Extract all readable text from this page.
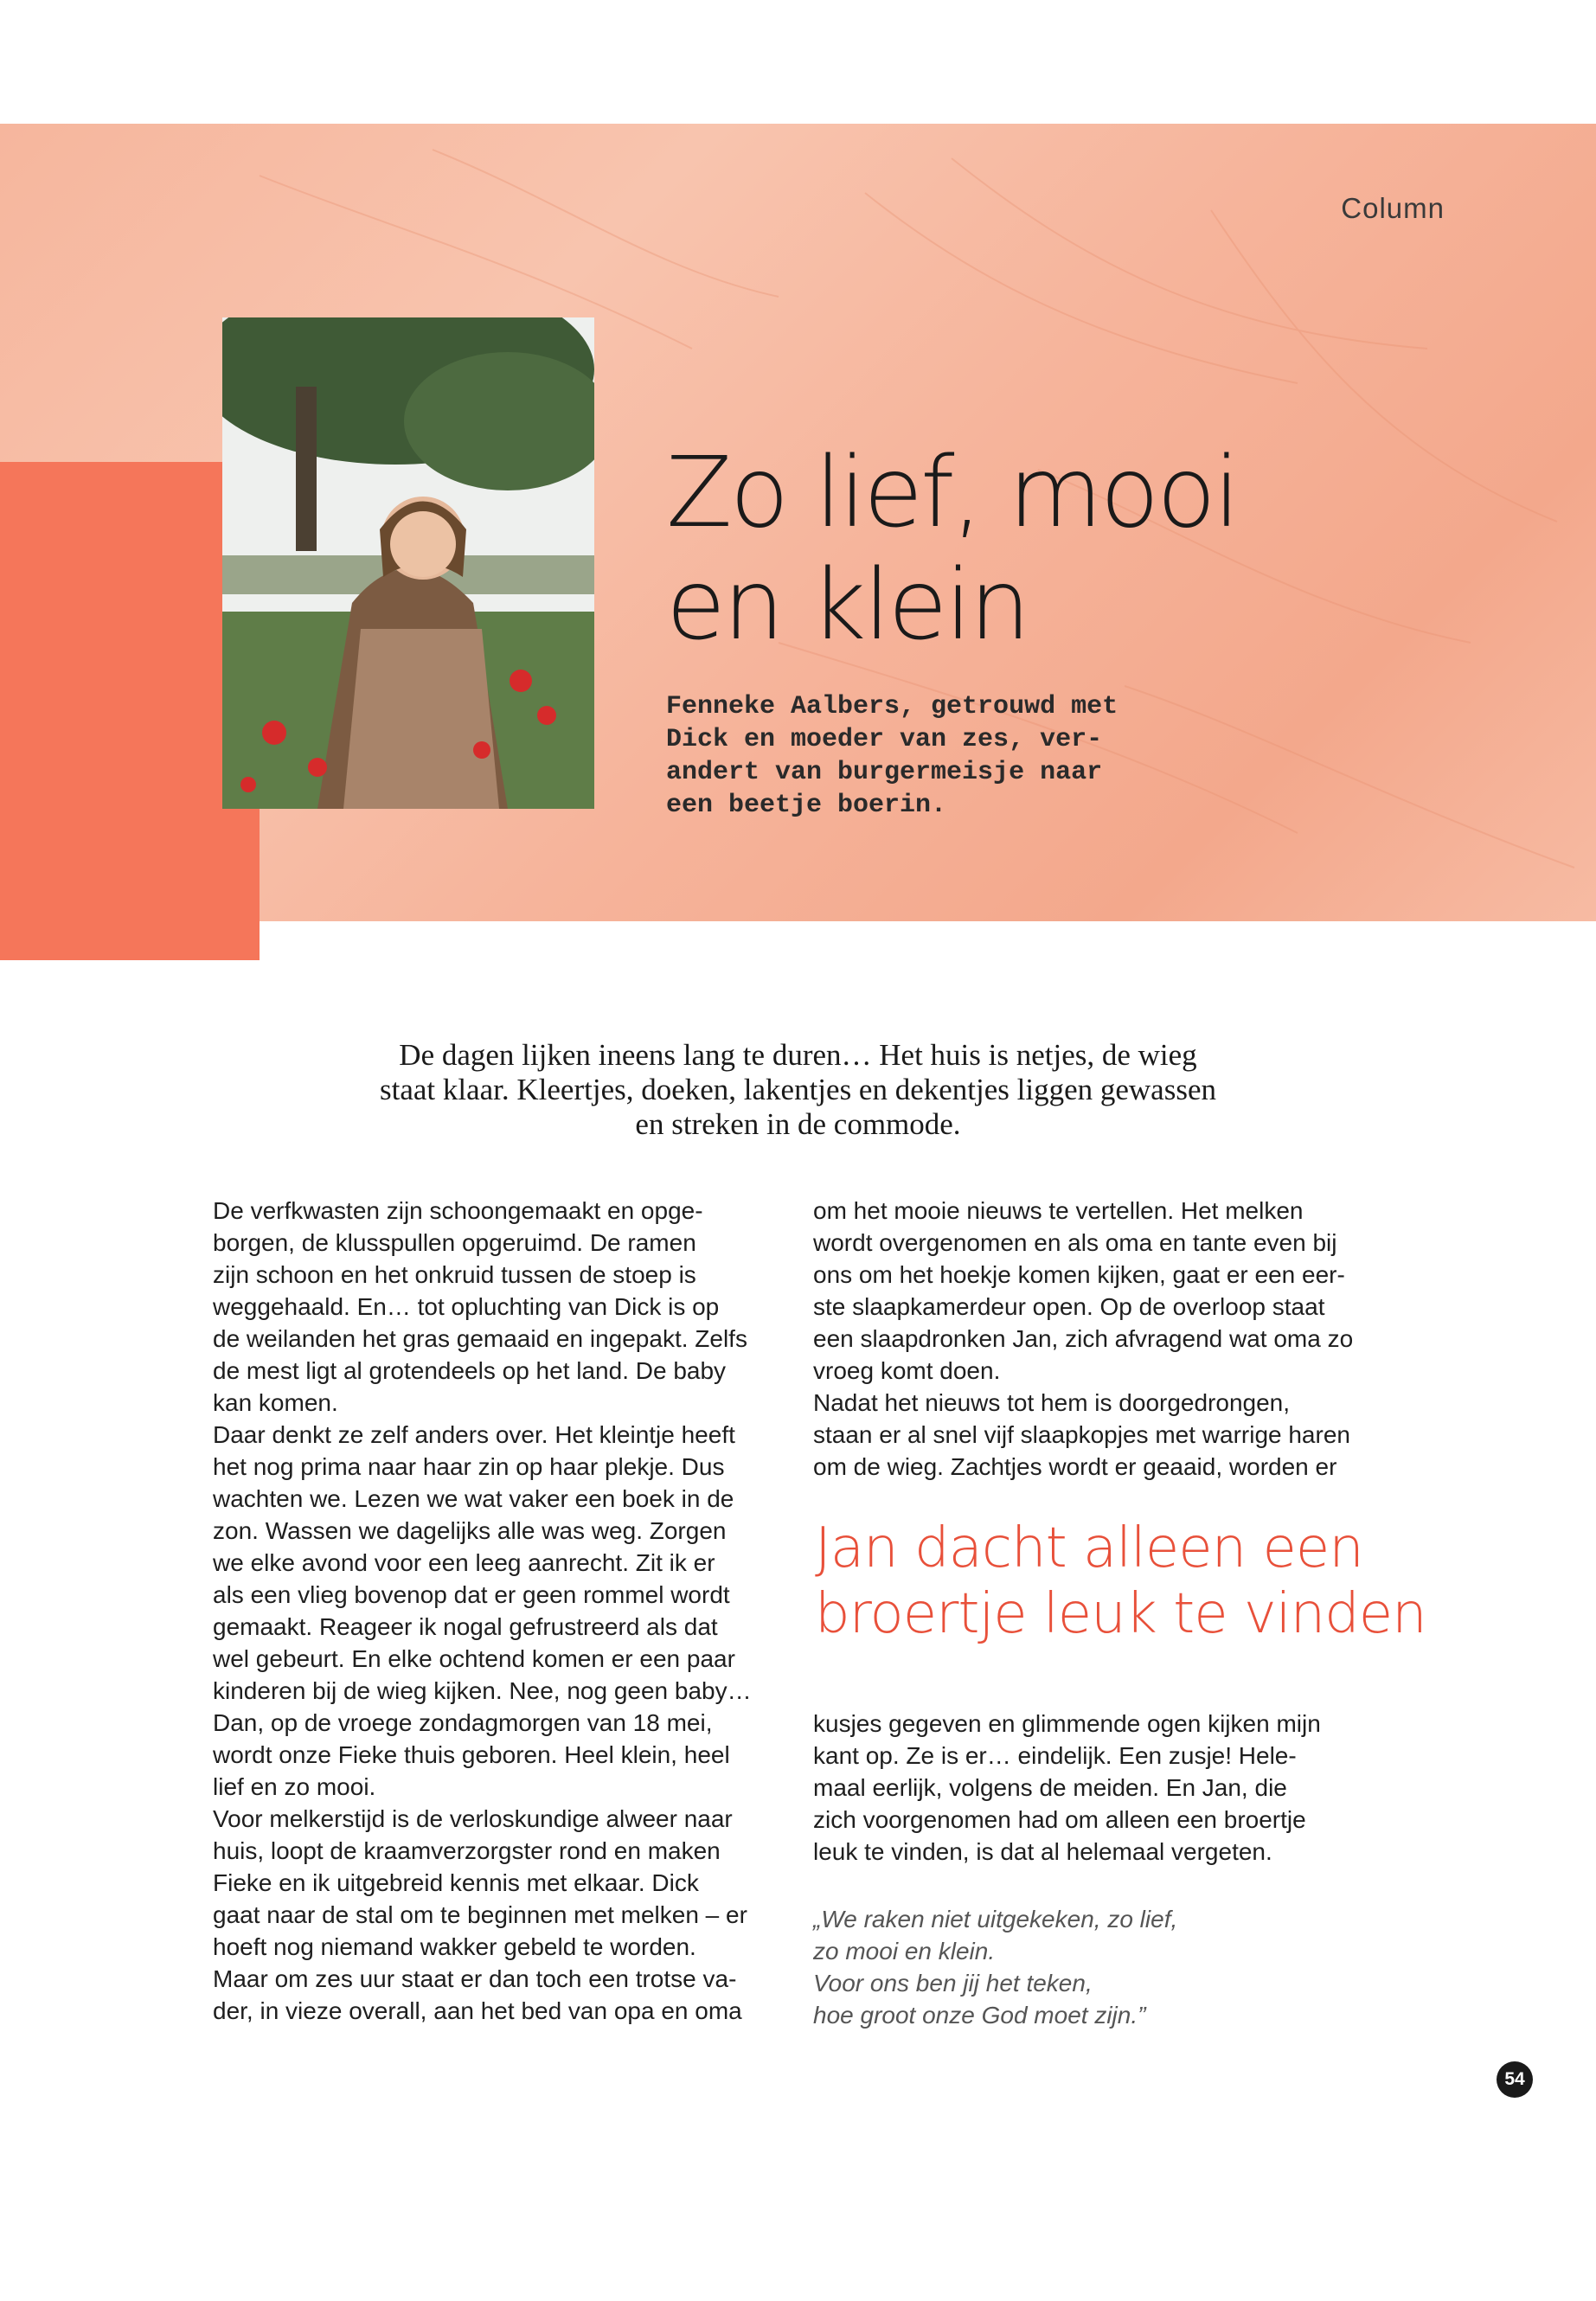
Column
Zo lief, mooi
en klein
Fenneke Aalbers, getrouwd met
Dick en moeder van zes, ver-
andert van burgermeisje naar
een beetje boerin.
De dagen lijken ineens lang te duren… Het huis is netjes, de wieg
staat klaar. Kleertjes, doeken, lakentjes en dekentjes liggen gewassen
en streken in de commode.
De verfkwasten zijn schoongemaakt en opge-
borgen, de klusspullen opgeruimd. De ramen
zijn schoon en het onkruid tussen de stoep is
weggehaald. En… tot opluchting van Dick is op
de weilanden het gras gemaaid en ingepakt. Zelfs
de mest ligt al grotendeels op het land. De baby
kan komen.
Daar denkt ze zelf anders over. Het kleintje heeft
het nog prima naar haar zin op haar plekje. Dus
wachten we. Lezen we wat vaker een boek in de
zon. Wassen we dagelijks alle was weg. Zorgen
we elke avond voor een leeg aanrecht. Zit ik er
als een vlieg bovenop dat er geen rommel wordt
gemaakt. Reageer ik nogal gefrustreerd als dat
wel gebeurt. En elke ochtend komen er een paar
kinderen bij de wieg kijken. Nee, nog geen baby…
Dan, op de vroege zondagmorgen van 18 mei,
wordt onze Fieke thuis geboren. Heel klein, heel
lief en zo mooi.
Voor melkerstijd is de verloskundige alweer naar
huis, loopt de kraamverzorgster rond en maken
Fieke en ik uitgebreid kennis met elkaar. Dick
gaat naar de stal om te beginnen met melken – er
hoeft nog niemand wakker gebeld te worden.
Maar om zes uur staat er dan toch een trotse va-
der, in vieze overall, aan het bed van opa en oma
om het mooie nieuws te vertellen. Het melken
wordt overgenomen en als oma en tante even bij
ons om het hoekje komen kijken, gaat er een eer-
ste slaapkamerdeur open. Op de overloop staat
een slaapdronken Jan, zich afvragend wat oma zo
vroeg komt doen.
Nadat het nieuws tot hem is doorgedrongen,
staan er al snel vijf slaapkopjes met warrige haren
om de wieg. Zachtjes wordt er geaaid, worden er
Jan dacht alleen een
broertje leuk te vinden
kusjes gegeven en glimmende ogen kijken mijn
kant op. Ze is er… eindelijk. Een zusje! Hele-
maal eerlijk, volgens de meiden. En Jan, die
zich voorgenomen had om alleen een broertje
leuk te vinden, is dat al helemaal vergeten.
„We raken niet uitgekeken, zo lief,
zo mooi en klein.
Voor ons ben jij het teken,
hoe groot onze God moet zijn.”
54
